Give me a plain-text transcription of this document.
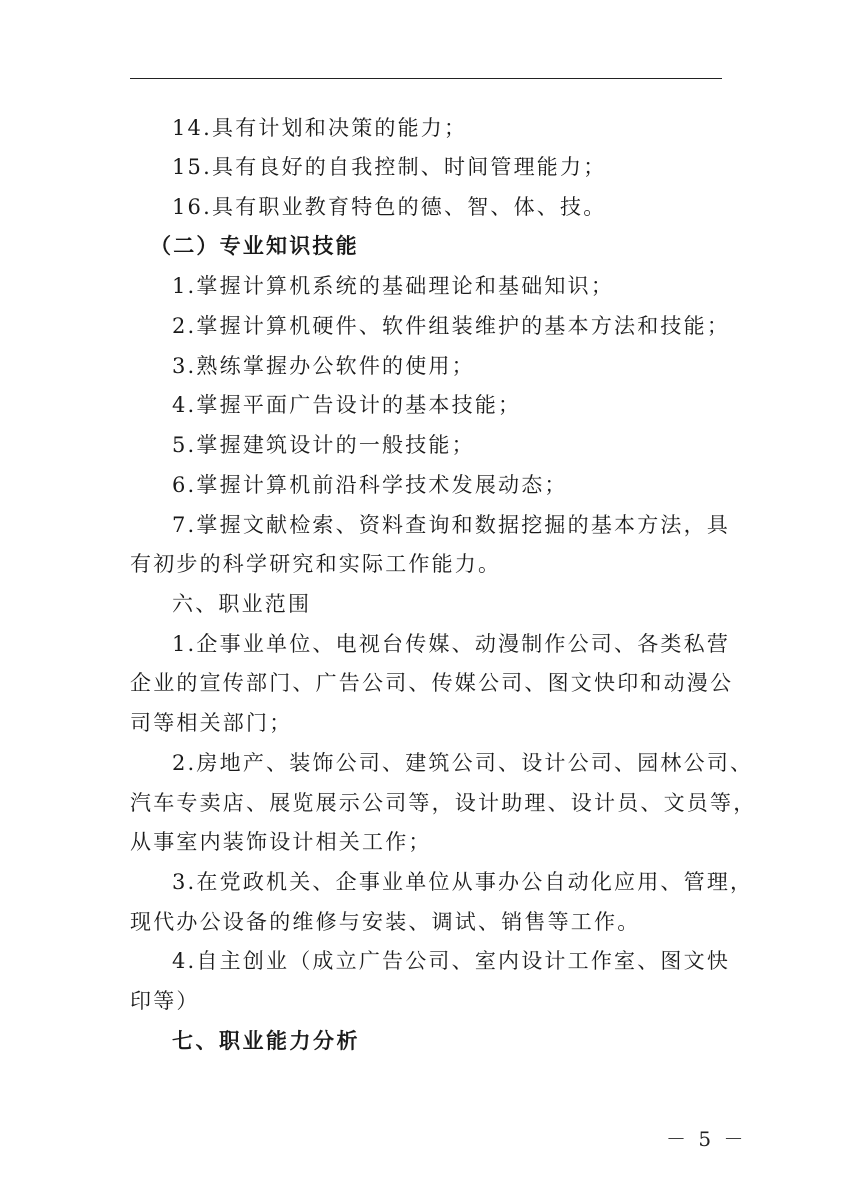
14.具有计划和决策的能力；
15.具有良好的自我控制、时间管理能力；
16.具有职业教育特色的德、智、体、技。
（二）专业知识技能
1.掌握计算机系统的基础理论和基础知识；
2.掌握计算机硬件、软件组装维护的基本方法和技能；
3.熟练掌握办公软件的使用；
4.掌握平面广告设计的基本技能；
5.掌握建筑设计的一般技能；
6.掌握计算机前沿科学技术发展动态；
7.掌握文献检索、资料查询和数据挖掘的基本方法，具
有初步的科学研究和实际工作能力。
六、职业范围
1.企事业单位、电视台传媒、动漫制作公司、各类私营
企业的宣传部门、广告公司、传媒公司、图文快印和动漫公
司等相关部门；
2.房地产、装饰公司、建筑公司、设计公司、园林公司、
汽车专卖店、展览展示公司等，设计助理、设计员、文员等，
从事室内装饰设计相关工作；
3.在党政机关、企事业单位从事办公自动化应用、管理，
现代办公设备的维修与安装、调试、销售等工作。
4.自主创业（成立广告公司、室内设计工作室、图文快
印等）
七、职业能力分析
－ 5 －
